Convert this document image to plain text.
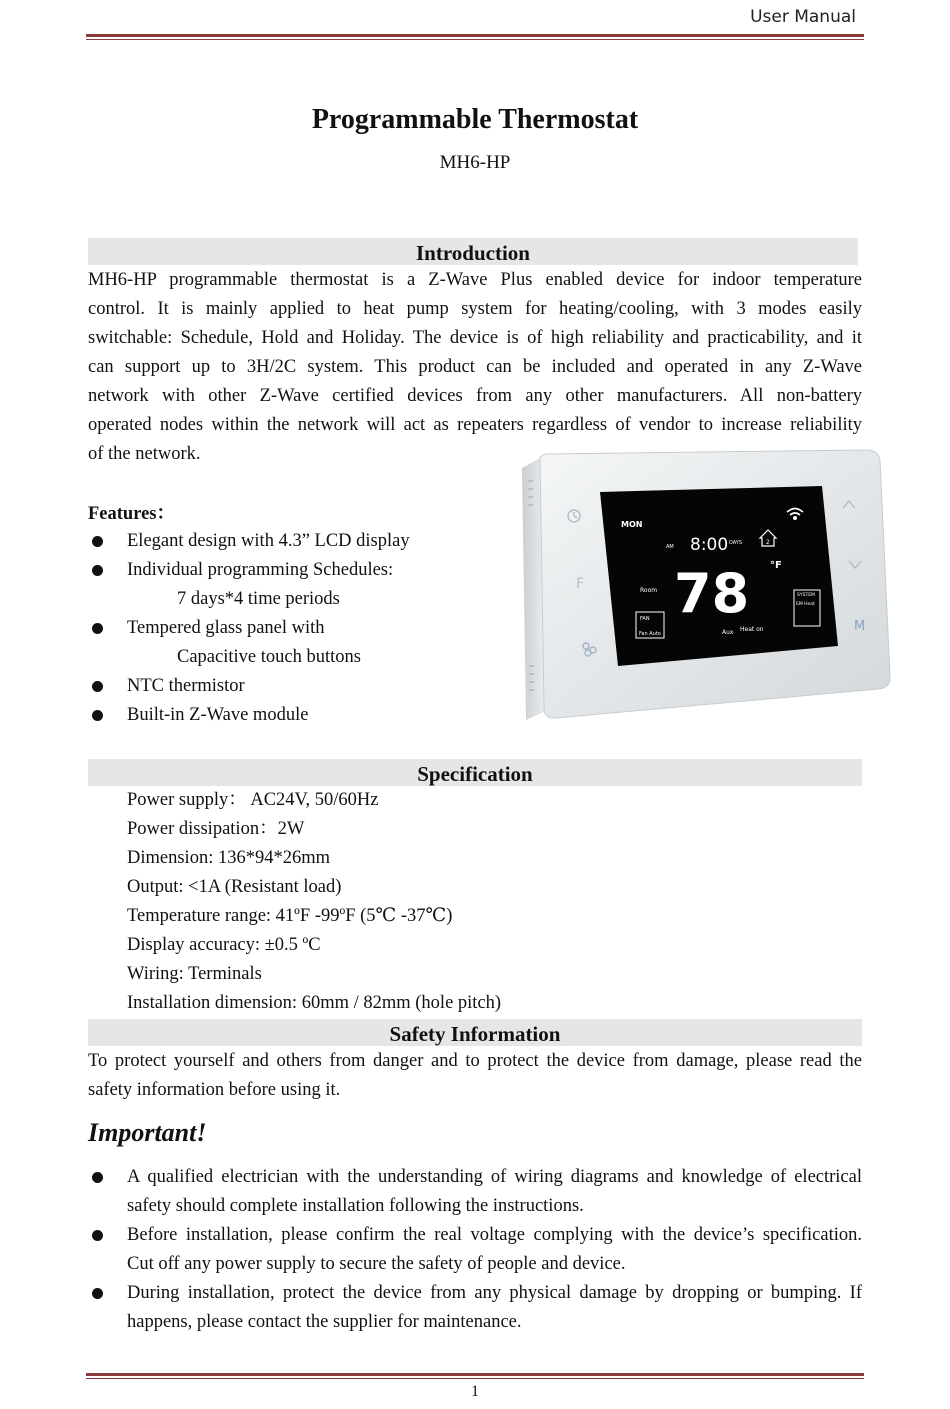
User Manual
Programmable Thermostat
MH6-HP
Introduction
MH6-HP programmable thermostat is a Z-Wave Plus enabled device for indoor temperature
control. It is mainly applied to heat pump system for heating/cooling, with 3 modes easily
switchable: Schedule, Hold and Holiday. The device is of high reliability and practicability, and it
can support up to 3H/2C system. This product can be included and operated in any Z-Wave
network with other Z-Wave certified devices from any other manufacturers. All non-battery
operated nodes within the network will act as repeaters regardless of vendor to increase reliability
of the network.
Features：
Elegant design with 4.3” LCD display
Individual programming Schedules:
7 days*4 time periods
Tempered glass panel with
Capacitive touch buttons
NTC thermistor
Built-in Z-Wave module
MON
AM 8:00 DAYS	2
°F
78
Room
FAN
Fan Auto	Aux Heat on
SYSTEM
EM Heat
F
M
Specification
Power supply： AC24V, 50/60Hz
Power dissipation：2W
Dimension: 136*94*26mm
Output: <1A (Resistant load)
Temperature range: 41ºF -99ºF (5℃ -37℃)
Display accuracy: ±0.5 ºC
Wiring: Terminals
Installation dimension: 60mm / 82mm (hole pitch)
Safety Information
To protect yourself and others from danger and to protect the device from damage, please read the
safety information before using it.
Important!
A qualified electrician with the understanding of wiring diagrams and knowledge of electrical
safety should complete installation following the instructions.
Before installation, please confirm the real voltage complying with the device’s specification.
Cut off any power supply to secure the safety of people and device.
During installation, protect the device from any physical damage by dropping or bumping. If
happens, please contact the supplier for maintenance.
1
